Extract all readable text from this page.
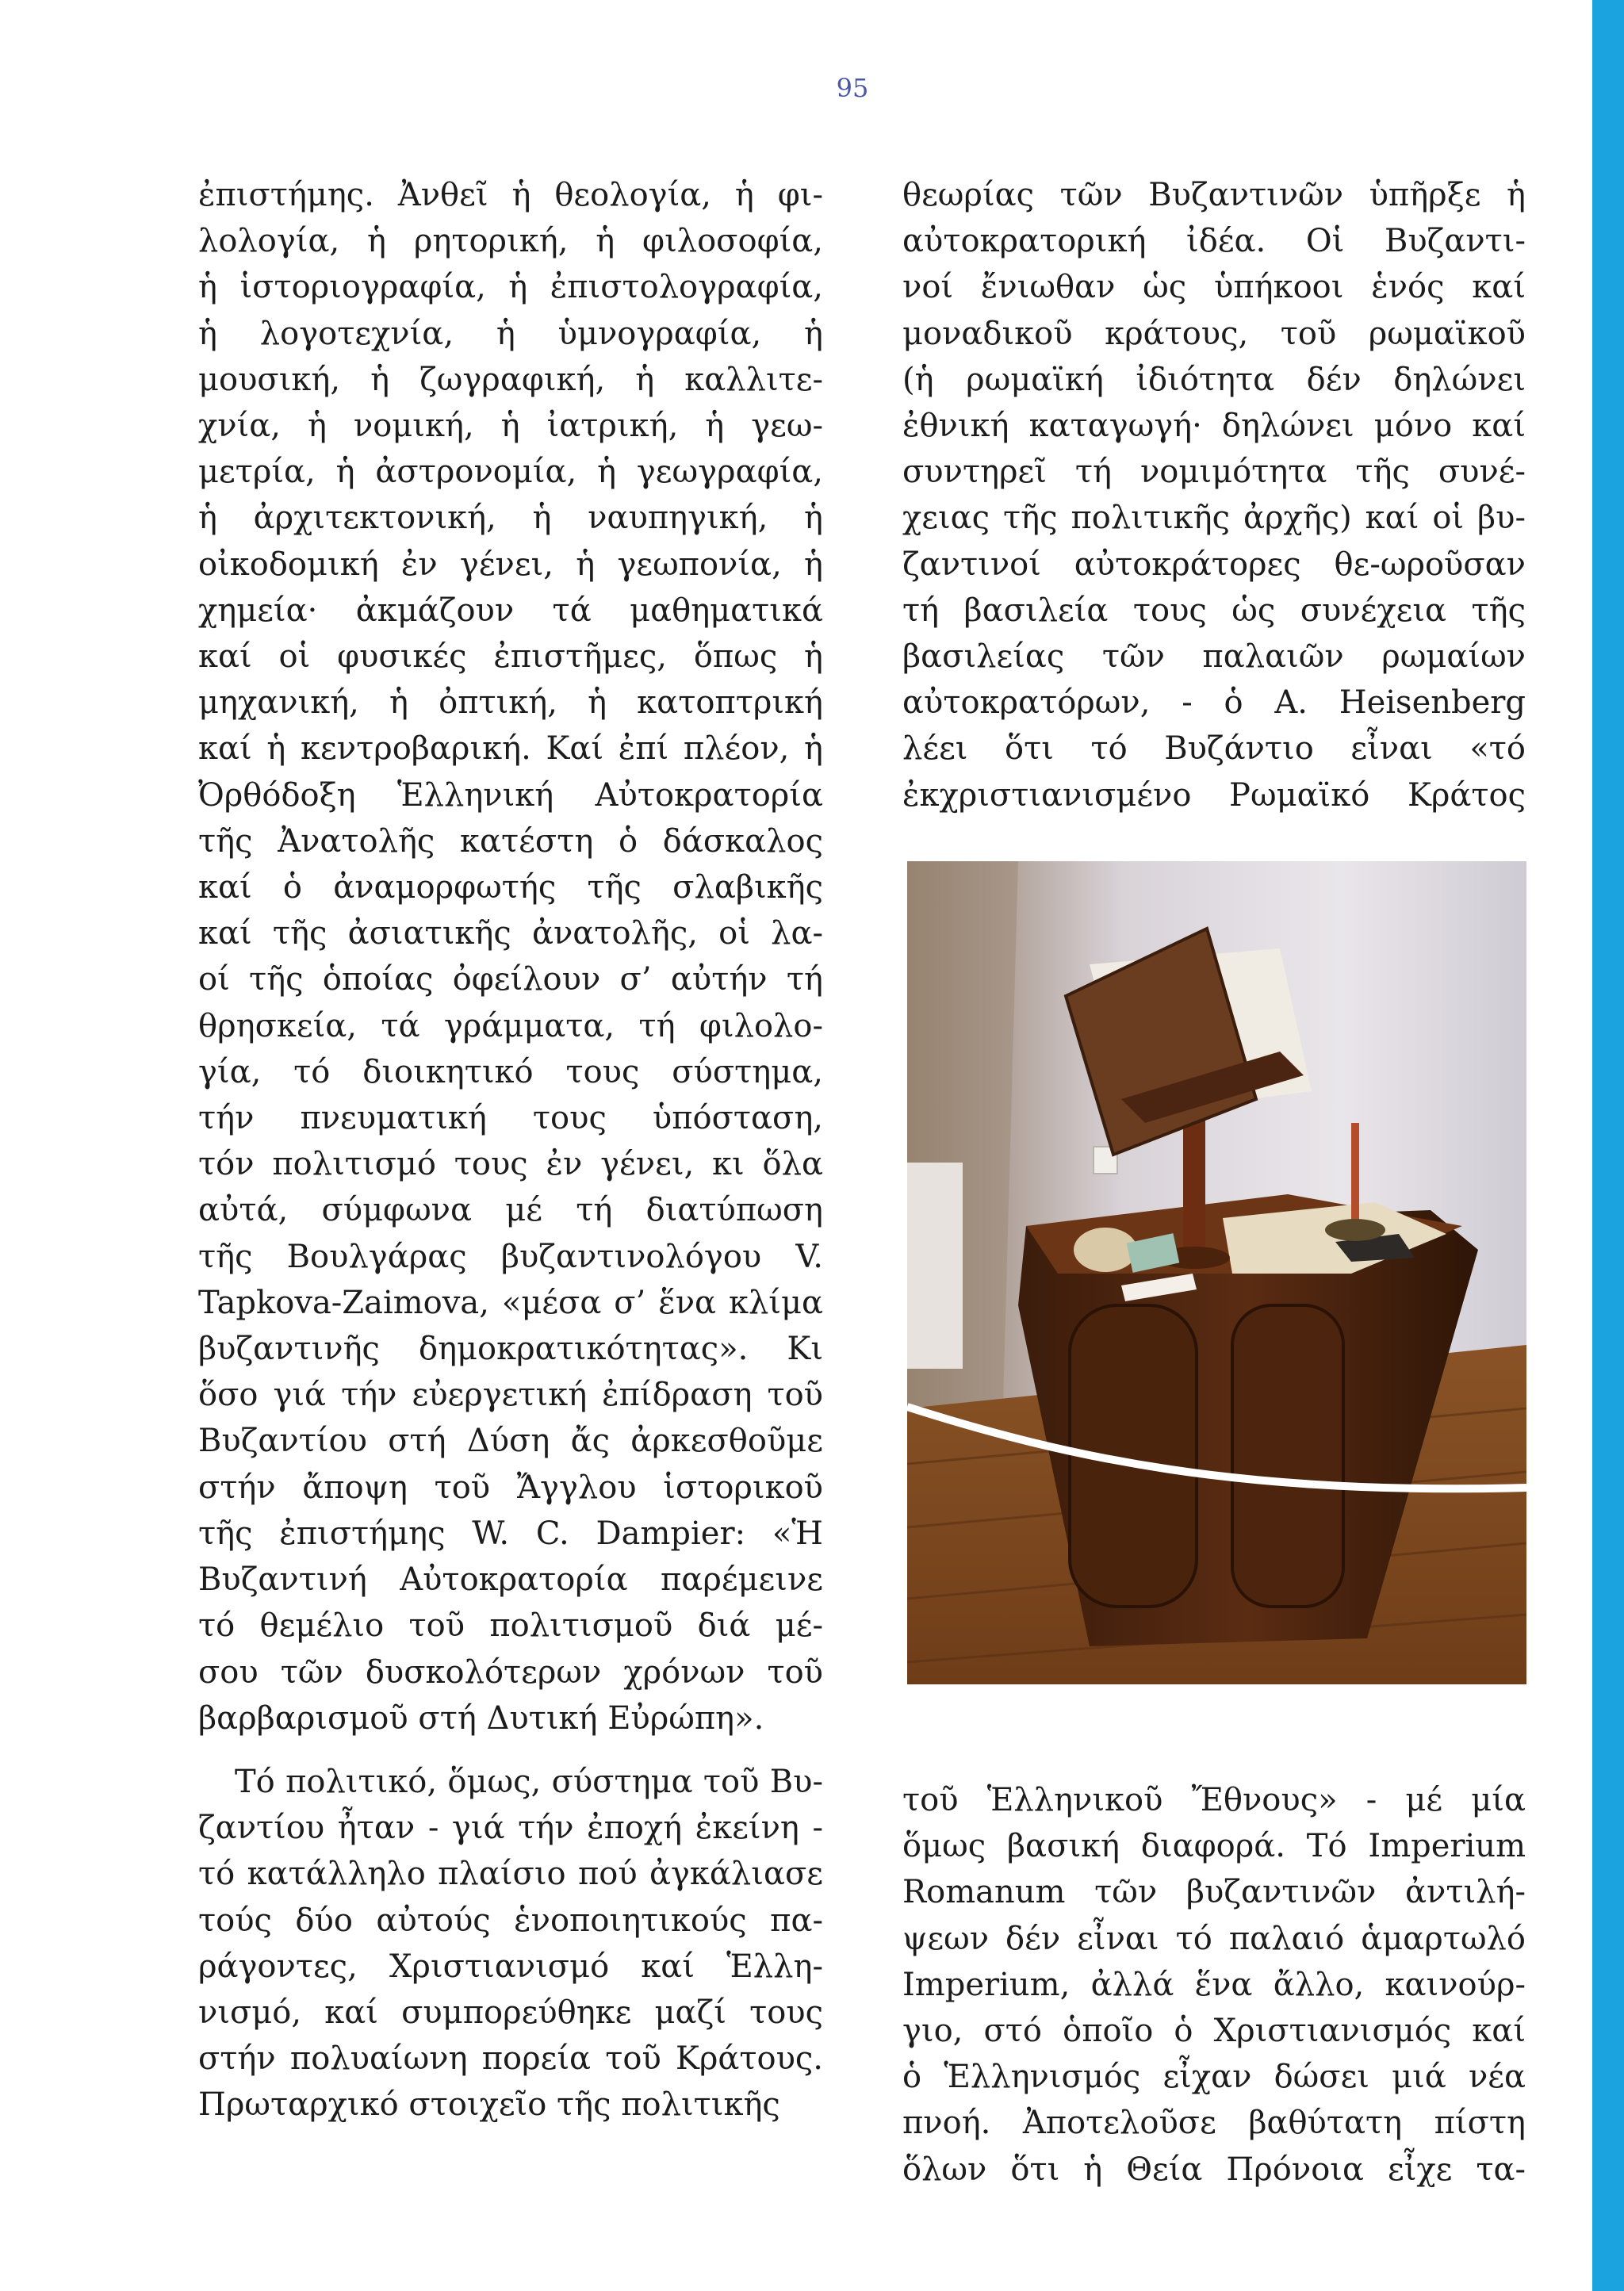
95

ἐπιστήμης. Ἀνθεῖ ἡ θεολογία, ἡ φι-
λολογία, ἡ ρητορική, ἡ φιλοσοφία,
ἡ ἱστοριογραφία, ἡ ἐπιστολογραφία,
ἡ λογοτεχνία, ἡ ὑμνογραφία, ἡ
μουσική, ἡ ζωγραφική, ἡ καλλιτε-
χνία, ἡ νομική, ἡ ἰατρική, ἡ γεω-
μετρία, ἡ ἀστρονομία, ἡ γεωγραφία,
ἡ ἀρχιτεκτονική, ἡ ναυπηγική, ἡ
οἰκοδομική ἐν γένει, ἡ γεωπονία, ἡ
χημεία· ἀκμάζουν τά μαθηματικά
καί οἱ φυσικές ἐπιστῆμες, ὅπως ἡ
μηχανική, ἡ ὀπτική, ἡ κατοπτρική
καί ἡ κεντροβαρική. Καί ἐπί πλέον, ἡ
Ὀρθόδοξη Ἑλληνική Αὐτοκρατορία
τῆς Ἀνατολῆς κατέστη ὁ δάσκαλος
καί ὁ ἀναμορφωτής τῆς σλαβικῆς
καί τῆς ἀσιατικῆς ἀνατολῆς, οἱ λα-
οί τῆς ὁποίας ὀφείλουν σ’ αὐτήν τή
θρησκεία, τά γράμματα, τή φιλολο-
γία, τό διοικητικό τους σύστημα,
τήν πνευματική τους ὑπόσταση,
τόν πολιτισμό τους ἐν γένει, κι ὅλα
αὐτά, σύμφωνα μέ τή διατύπωση
τῆς Βουλγάρας βυζαντινολόγου V.
Tapkova-Zaimova, «μέσα σ’ ἕνα κλίμα
βυζαντινῆς δημοκρατικότητας». Κι
ὅσο γιά τήν εὐεργετική ἐπίδραση τοῦ
Βυζαντίου στή Δύση ἄς ἀρκεσθοῦμε
στήν ἄποψη τοῦ Ἄγγλου ἱστορικοῦ
τῆς ἐπιστήμης W. C. Dampier: «Ἡ
Βυζαντινή Αὐτοκρατορία παρέμεινε
τό θεμέλιο τοῦ πολιτισμοῦ διά μέ-
σου τῶν δυσκολότερων χρόνων τοῦ
βαρβαρισμοῦ στή Δυτική Εὐρώπη».

Τό πολιτικό, ὅμως, σύστημα τοῦ Βυ-
ζαντίου ἦταν - γιά τήν ἐποχή ἐκείνη -
τό κατάλληλο πλαίσιο πού ἀγκάλιασε
τούς δύο αὐτούς ἑνοποιητικούς πα-
ράγοντες, Χριστιανισμό καί Ἑλλη-
νισμό, καί συμπορεύθηκε μαζί τους
στήν πολυαίωνη πορεία τοῦ Κράτους.
Πρωταρχικό στοιχεῖο τῆς πολιτικῆς

θεωρίας τῶν Βυζαντινῶν ὑπῆρξε ἡ
αὐτοκρατορική ἰδέα. Οἱ Βυζαντι-
νοί ἔνιωθαν ὡς ὑπήκοοι ἑνός καί
μοναδικοῦ κράτους, τοῦ ρωμαϊκοῦ
(ἡ ρωμαϊκή ἰδιότητα δέν δηλώνει
ἐθνική καταγωγή· δηλώνει μόνο καί
συντηρεῖ τή νομιμότητα τῆς συνέ-
χειας τῆς πολιτικῆς ἀρχῆς) καί οἱ βυ-
ζαντινοί αὐτοκράτορες θε-ωροῦσαν
τή βασιλεία τους ὡς συνέχεια τῆς
βασιλείας τῶν παλαιῶν ρωμαίων
αὐτοκρατόρων, - ὁ A. Heisenberg
λέει ὅτι τό Βυζάντιο εἶναι «τό
ἐκχριστιανισμένο Ρωμαϊκό Κράτος

τοῦ Ἑλληνικοῦ Ἔθνους» - μέ μία
ὅμως βασική διαφορά. Τό Imperium
Romanum τῶν βυζαντινῶν ἀντιλή-
ψεων δέν εἶναι τό παλαιό ἁμαρτωλό
Imperium, ἀλλά ἕνα ἄλλο, καινούρ-
γιο, στό ὁποῖο ὁ Χριστιανισμός καί
ὁ Ἑλληνισμός εἶχαν δώσει μιά νέα
πνοή. Ἀποτελοῦσε βαθύτατη πίστη
ὅλων ὅτι ἡ Θεία Πρόνοια εἶχε τα-
